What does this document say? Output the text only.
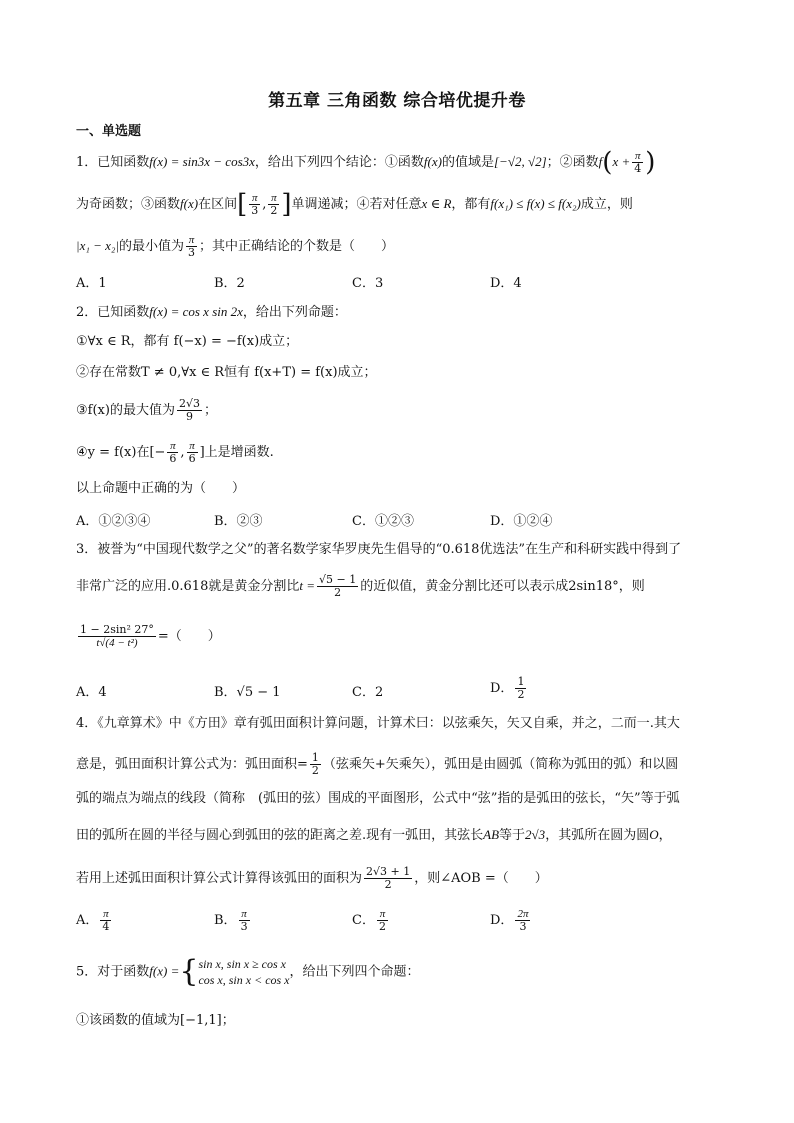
第五章 三角函数 综合培优提升卷
一、单选题
1．已知函数f(x) = sin3x − cos3x，给出下列四个结论：①函数f(x)的值域是[−√2, √2]；②函数$f(x + \frac{\pi}{4}$ )
为奇函数；③函数f(x)在区间[ $\frac{\pi}{3}$ , $\frac{\pi}{2}$ ]单调递减；④若对任意x ∈ R，都有f(x₁) ≤ f(x) ≤ f(x₂)成立，则
|x₁ − x₂|的最小值为 $\frac{\pi}{3}$ ；其中正确结论的个数是（　　）
A．1	B．2	C．3	D．4
2．已知函数f(x) = cos x sin 2x，给出下列命题：
①∀x ∈ R，都有 f(−x) = −f(x)成立；
②存在常数T ≠ 0,∀x ∈ R恒有 f(x+T) = f(x)成立；
③f(x)的最大值为 $\frac{2√3}{9}$ ；
④y = f(x)在[− $\frac{\pi}{6}$ , $\frac{\pi}{6}$ ]上是增函数.
以上命题中正确的为（　　）
A．①②③④	B．②③	C．①②③	D．①②④
3．被誉为“中国现代数学之父”的著名数学家华罗庚先生倡导的“0.618优选法”在生产和科研实践中得到了
非常广泛的应用.0.618就是黄金分割比$t = \frac{√5 - 1}{2}$ 的近似值，黄金分割比还可以表示成2sin18°，则
$\frac{\text{1 − 2sin² 27°}}{\text{t√(4 − t²)}}$ =（　　）
A．4	B．√5 − 1	C．2	D． $\frac{1}{2}$
4．《九章算术》中《方田》章有弧田面积计算问题，计算术曰：以弦乘矢，矢又自乘，并之，二而一.其大
意是，弧田面积计算公式为：弧田面积= $\frac{1}{2}$ （弦乘矢+矢乘矢），弧田是由圆弧（简称为弧田的弧）和以圆
弧的端点为端点的线段（简称　(弧田的弦）围成的平面图形，公式中“弦”指的是弧田的弦长，“矢”等于弧
田的弧所在圆的半径与圆心到弧田的弦的距离之差.现有一弧田，其弦长AB等于2√3，其弧所在圆为圆O，
若用上述弧田面积计算公式计算得该弧田的面积为 $\frac{2√3 + 1}{2}$ ，则∠AOB =（　　）
A． $\frac{\pi}{4}$	B． $\frac{\pi}{3}$	C． $\frac{\pi}{2}$	D． $\frac{2\pi}{3}$
5．对于函数f(x) ={ sin x, sin x ≥ cos x
cos x, sin x < cos x
，给出下列四个命题：
①该函数的值域为[−1,1]；
